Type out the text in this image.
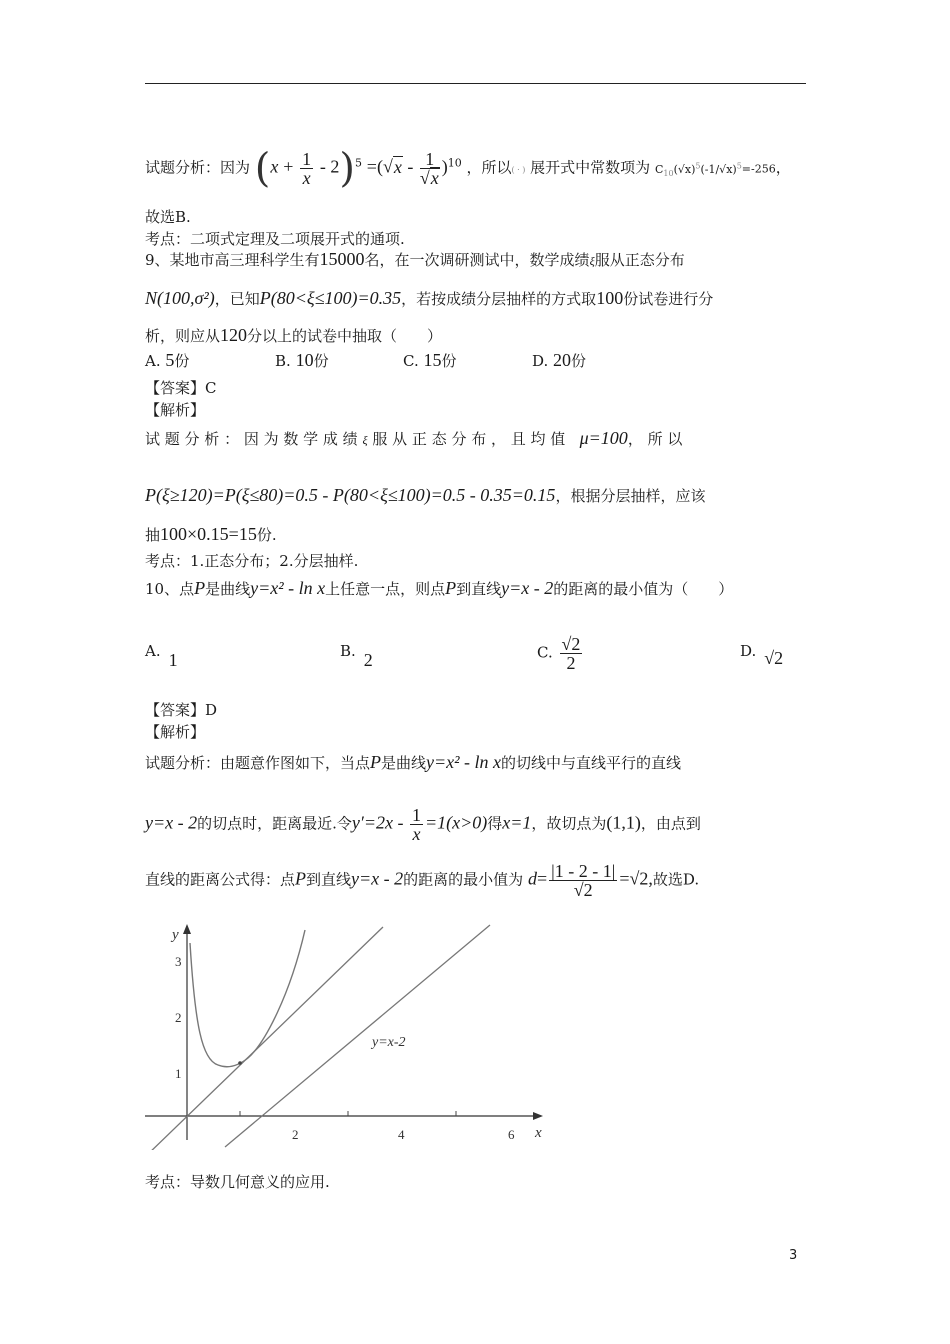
试题分析：因为 $(x + \frac{1}{x} - 2)^5 =(√x - \frac{1}{√x} )^{10}$ ，所以( · ) 展开式中常数项为 $C_{10}(√x)^5(-1/√x)^5=-256$，
故选B.
考点：二项式定理及二项展开式的通项.
9、某地市高三理科学生有15000名，在一次调研测试中，数学成绩ξ服从正态分布
N(100,σ²)，已知P(80<ξ≤100)=0.35，若按成绩分层抽样的方式取100份试卷进行分
析，则应从120分以上的试卷中抽取（　　）
A. 5份	B. 10份	C. 15份	D. 20份
【答案】C
【解析】
试 题 分 析 ： 因 为 数 学 成 绩 ξ 服 从 正 态 分 布 ， 且 均 值 μ=100， 所 以
P(ξ≥120)=P(ξ≤80)=0.5 - P(80<ξ≤100)=0.5 - 0.35=0.15，根据分层抽样，应该
抽100×0.15=15份.
考点：1.正态分布；2.分层抽样.
10、点P是曲线y=x² - ln x上任意一点，则点P到直线y=x - 2的距离的最小值为（　　）
A. 1	B. 2	C. $\frac{√2}{2}$	D. √2
【答案】D
【解析】
试题分析：由题意作图如下，当点P是曲线y=x² - ln x的切线中与直线平行的直线
y=x - 2的切点时，距离最近.令$y'=2x - \frac{1}{x} =1(x>0)$得x=1，故切点为(1,1)，由点到
直线的距离公式得：点P到直线y=x - 2的距离的最小值为 $d= \frac{|1 - 2 - 1|}{√2} =√2$,故选D.
y
x
1
2
3
2	4	6
y=x-2
考点：导数几何意义的应用.
3
